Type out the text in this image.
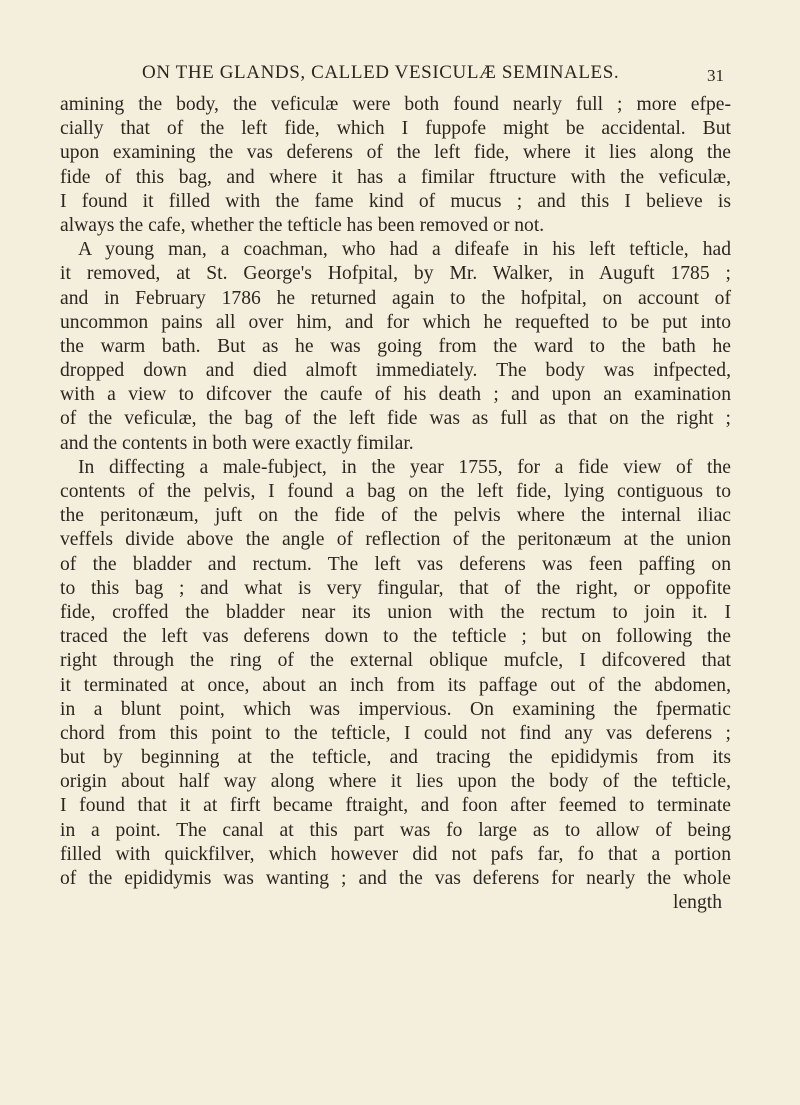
ON THE GLANDS, CALLED VESICULÆ SEMINALES.	31

amining the body, the veficulæ were both found nearly full ; more efpe-

cially that of the left fide, which I fuppofe might be accidental. But

upon examining the vas deferens of the left fide, where it lies along the

fide of this bag, and where it has a fimilar ftructure with the veficulæ,

I found it filled with the fame kind of mucus ; and this I believe is

always the cafe, whether the tefticle has been removed or not.

A young man, a coachman, who had a difeafe in his left tefticle, had

it removed, at St. George's Hofpital, by Mr. Walker, in Auguft 1785 ;

and in February 1786 he returned again to the hofpital, on account of

uncommon pains all over him, and for which he requefted to be put into

the warm bath. But as he was going from the ward to the bath he

dropped down and died almoft immediately. The body was infpected,

with a view to difcover the caufe of his death ; and upon an examination

of the veficulæ, the bag of the left fide was as full as that on the right ;

and the contents in both were exactly fimilar.

In diffecting a male-fubject, in the year 1755, for a fide view of the

contents of the pelvis, I found a bag on the left fide, lying contiguous to

the peritonæum, juft on the fide of the pelvis where the internal iliac

veffels divide above the angle of reflection of the peritonæum at the union

of the bladder and rectum. The left vas deferens was feen paffing on

to this bag ; and what is very fingular, that of the right, or oppofite

fide, croffed the bladder near its union with the rectum to join it. I

traced the left vas deferens down to the tefticle ; but on following the

right through the ring of the external oblique mufcle, I difcovered that

it terminated at once, about an inch from its paffage out of the abdomen,

in a blunt point, which was impervious. On examining the fpermatic

chord from this point to the tefticle, I could not find any vas deferens ;

but by beginning at the tefticle, and tracing the epididymis from its

origin about half way along where it lies upon the body of the tefticle,

I found that it at firft became ftraight, and foon after feemed to terminate

in a point. The canal at this part was fo large as to allow of being

filled with quickfilver, which however did not pafs far, fo that a portion

of the epididymis was wanting ; and the vas deferens for nearly the whole

length
